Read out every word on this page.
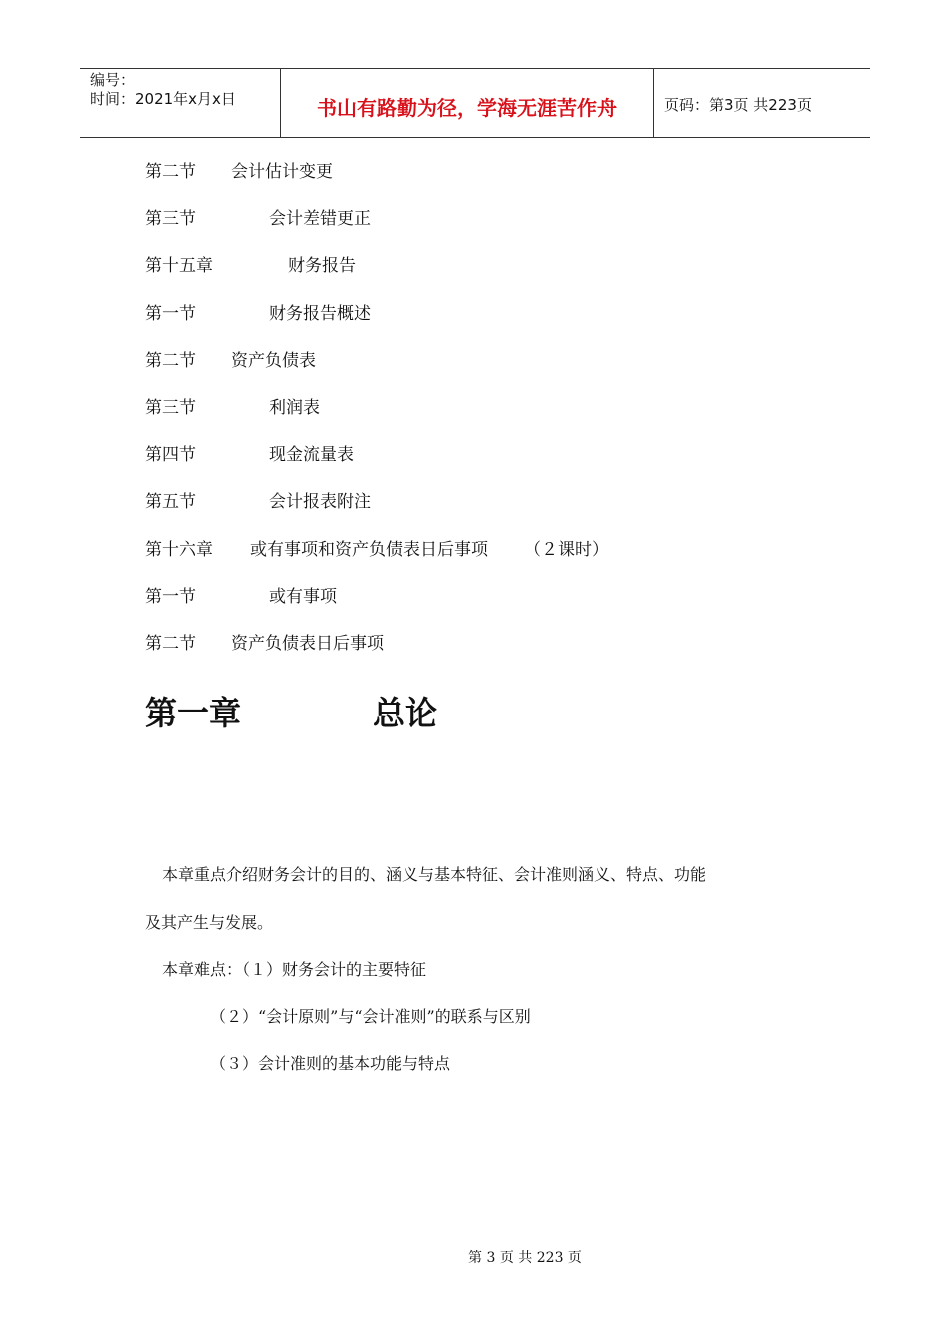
编号：
时间：2021年x月x日	书山有路勤为径，学海无涯苦作舟	页码：第3页 共223页
第二节 会计估计变更
第三节	会计差错更正
第十五章	财务报告
第一节	财务报告概述
第二节 资产负债表
第三节	利润表
第四节	现金流量表
第五节	会计报表附注
第十六章 或有事项和资产负债表日后事项 （２课时）
第一节	或有事项
第二节 资产负债表日后事项
第一章	总论
本章重点介绍财务会计的目的、涵义与基本特征、会计准则涵义、特点、功能
及其产生与发展。
本章难点：（１）财务会计的主要特征
（２）“会计原则”与“会计准则”的联系与区别
（３）会计准则的基本功能与特点
第 3 页 共 223 页
